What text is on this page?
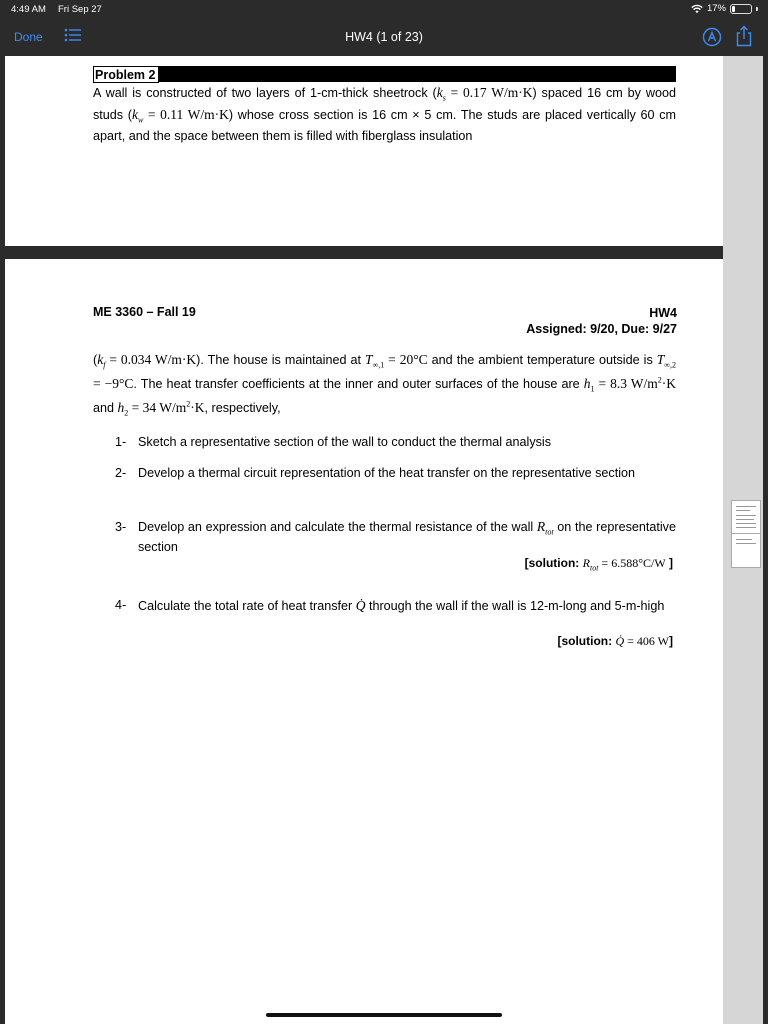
4:49 AM Fri Sep 27	17%
Done	HW4 (1 of 23)
Problem 2
A wall is constructed of two layers of 1-cm-thick sheetrock ($k_s = 0.17$ W/m·K) spaced 16 cm by wood studs ($k_w = 0.11$ W/m·K) whose cross section is 16 cm × 5 cm. The studs are placed vertically 60 cm apart, and the space between them is filled with fiberglass insulation
ME 3360 – Fall 19	HW4
Assigned: 9/20, Due: 9/27
($k_f = 0.034$ W/m·K). The house is maintained at $T_{\infty,1} = 20^\circ C$ and the ambient temperature outside is $T_{\infty,2} = -9^\circ C$. The heat transfer coefficients at the inner and outer surfaces of the house are $h_1 = 8.3$ $W/m^2\cdot K$ and $h_2 = 34$ $W/m^2\cdot K$, respectively,
1- Sketch a representative section of the wall to conduct the thermal analysis
2- Develop a thermal circuit representation of the heat transfer on the representative section
3- Develop an expression and calculate the thermal resistance of the wall $R_{tot}$ on the representative section
[solution: $R_{tot} = 6.588^\circ C/W$ ]
4- Calculate the total rate of heat transfer Q̇ through the wall if the wall is 12-m-long and 5-m-high
[solution: Q̇ = 406 W]
